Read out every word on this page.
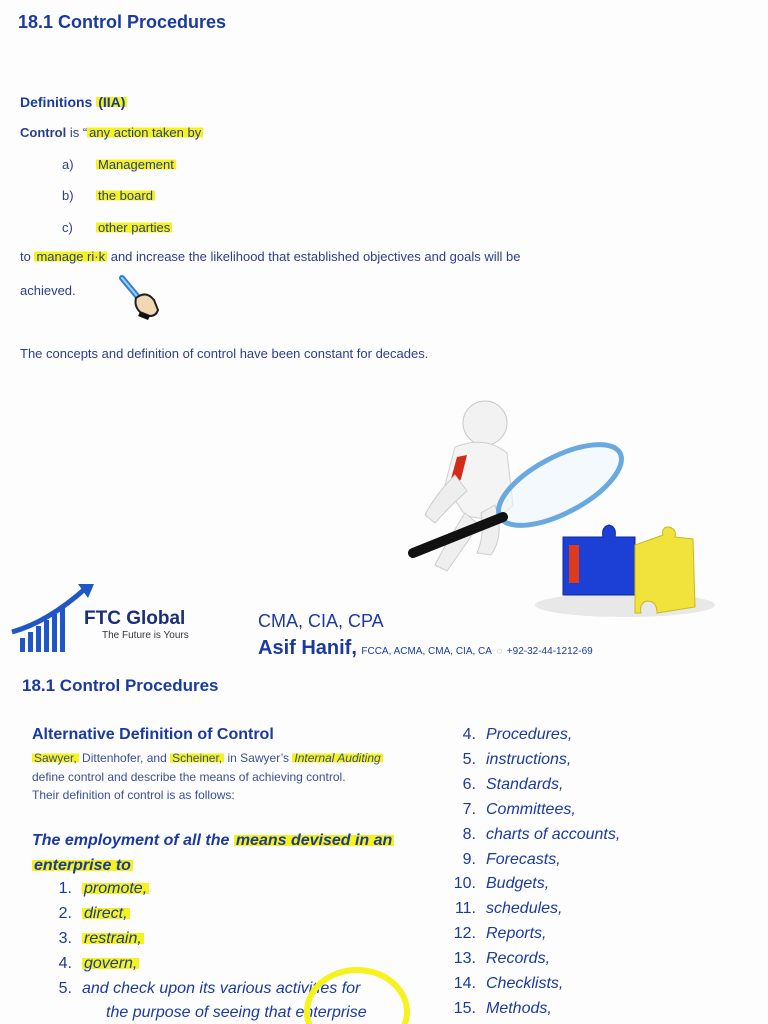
18.1 Control Procedures
Definitions (IIA)
Control is “ any action taken by
a) Management
b) the board
c) other parties
to manage ri·k and increase the likelihood that established objectives and goals will be
achieved.
The concepts and definition of control have been constant for decades.
FTC Global
The Future is Yours
CMA, CIA, CPA
Asif Hanif, FCCA, ACMA, CMA, CIA, CA ◌ +92-32-44-1212-69
18.1 Control Procedures
Alternative Definition of Control
Sawyer, Dittenhofer, and Scheiner, in Sawyer’s Internal Auditing
define control and describe the means of achieving control.
Their definition of control is as follows:
The employment of all the means devised in an
enterprise to
1. promote,
2. direct,
3. restrain,
4. govern,
5. and check upon its various activities for
the purpose of seeing that enterprise
4. Procedures,
5. instructions,
6. Standards,
7. Committees,
8. charts of accounts,
9. Forecasts,
10. Budgets,
11. schedules,
12. Reports,
13. Records,
14. Checklists,
15. Methods,
